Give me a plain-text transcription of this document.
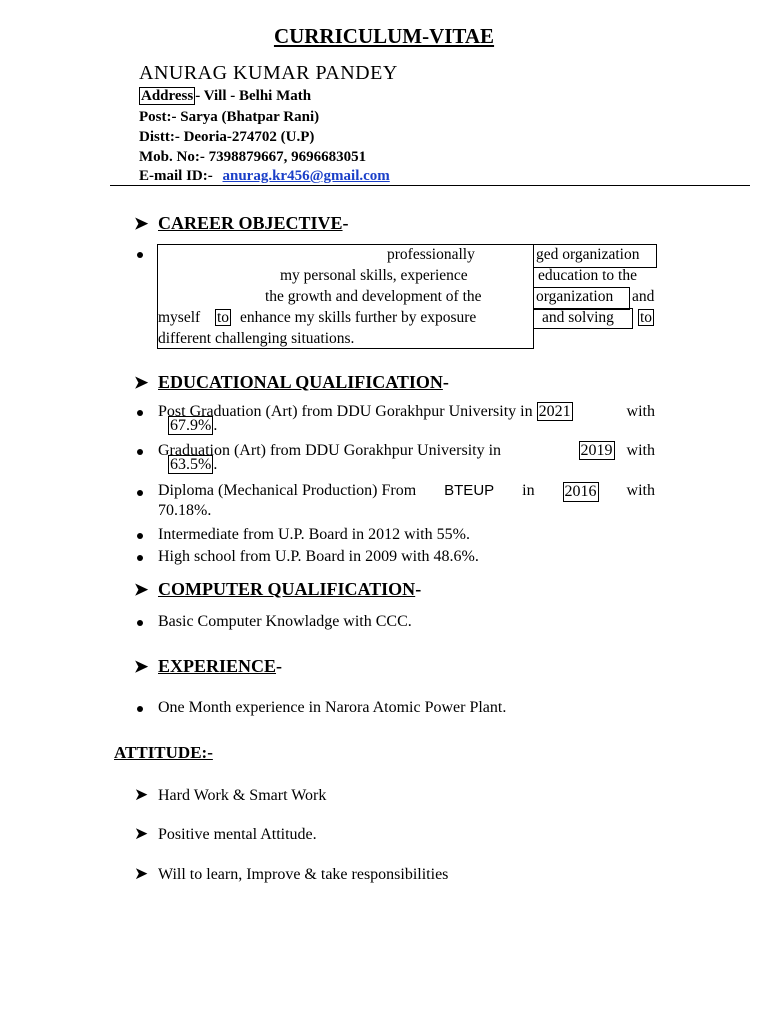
CURRICULUM-VITAE
ANURAG KUMAR PANDEY
Address - Vill - Belhi Math
Post:- Sarya (Bhatpar Rani)
Distt:- Deoria-274702 (U.P)
Mob. No:- 7398879667, 9696683051
E-mail ID:- anurag.kr456@gmail.com
➤ CAREER OBJECTIVE-
professionally	ged organization
my personal skills, experience	education to the
the growth and development of the	organization and
myself to enhance my skills further by exposure	and solving to
different challenging situations.
➤ EDUCATIONAL QUALIFICATION-
Post Graduation (Art) from DDU Gorakhpur University in 2021	with
67.9% .
Graduation (Art) from DDU Gorakhpur University in	2019 with
63.5% .
Diploma (Mechanical Production) From BTEUP in 2016 with
70.18%.
Intermediate from U.P. Board in 2012 with 55%.
High school from U.P. Board in 2009 with 48.6%.
➤ COMPUTER QUALIFICATION-
Basic Computer Knowladge with CCC.
➤ EXPERIENCE-
One Month experience in Narora Atomic Power Plant.
ATTITUDE:-
➤ Hard Work & Smart Work
➤ Positive mental Attitude.
➤ Will to learn, Improve & take responsibilities
